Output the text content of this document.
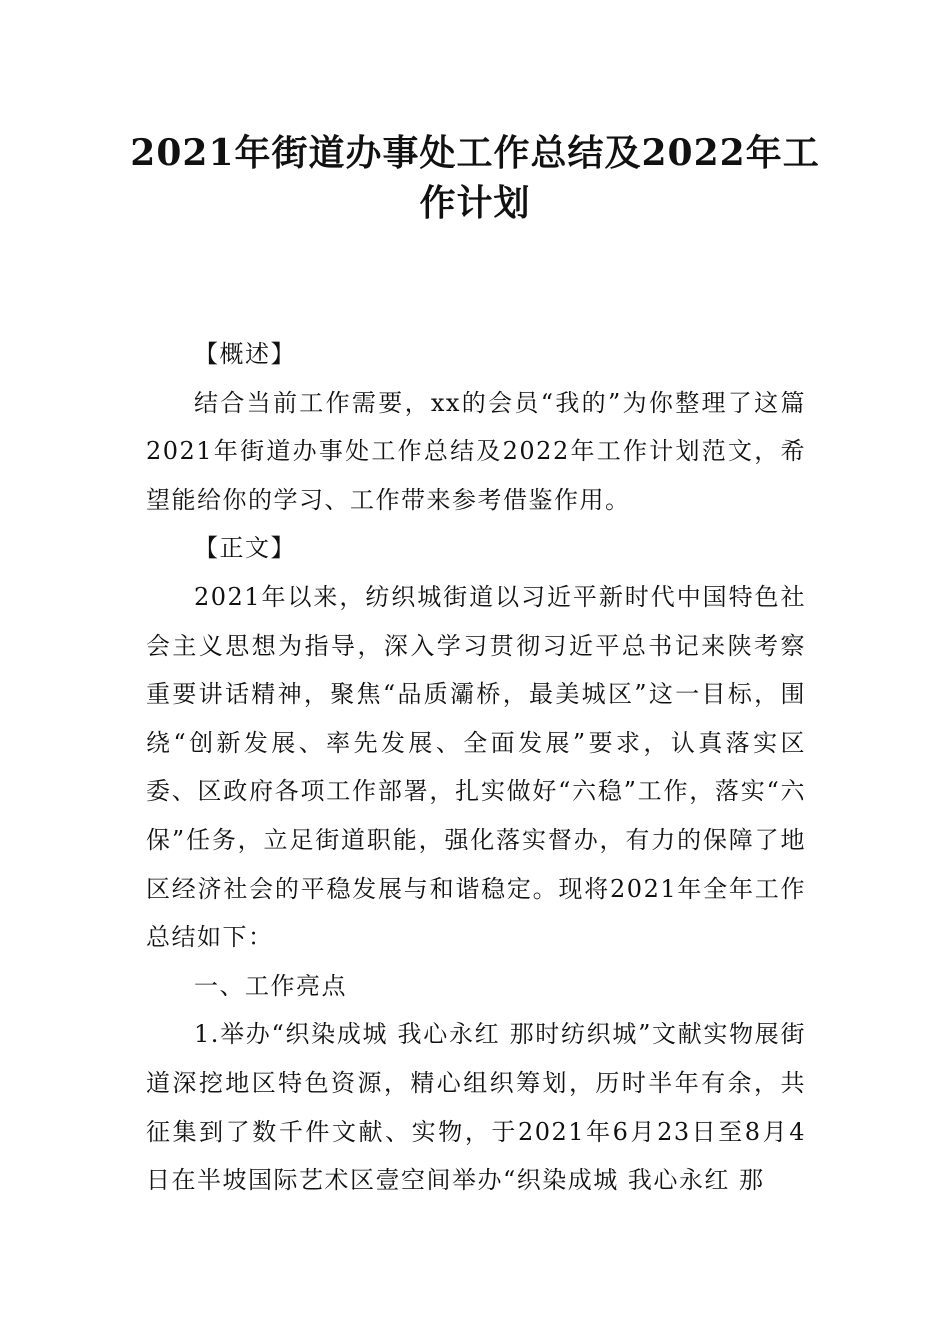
2021年街道办事处工作总结及2022年工作计划

【概述】

结合当前工作需要，xx的会员“我的”为你整理了这篇2021年街道办事处工作总结及2022年工作计划范文，希望能给你的学习、工作带来参考借鉴作用。

【正文】

2021年以来，纺织城街道以习近平新时代中国特色社会主义思想为指导，深入学习贯彻习近平总书记来陕考察重要讲话精神，聚焦“品质灞桥，最美城区”这一目标，围绕“创新发展、率先发展、全面发展”要求，认真落实区委、区政府各项工作部署，扎实做好“六稳”工作，落实“六保”任务，立足街道职能，强化落实督办，有力的保障了地区经济社会的平稳发展与和谐稳定。现将2021年全年工作总结如下：

一、工作亮点

1.举办“织染成城 我心永红 那时纺织城”文献实物展街道深挖地区特色资源，精心组织筹划，历时半年有余，共征集到了数千件文献、实物，于2021年6月23日至8月4日在半坡国际艺术区壹空间举办“织染成城 我心永红 那
